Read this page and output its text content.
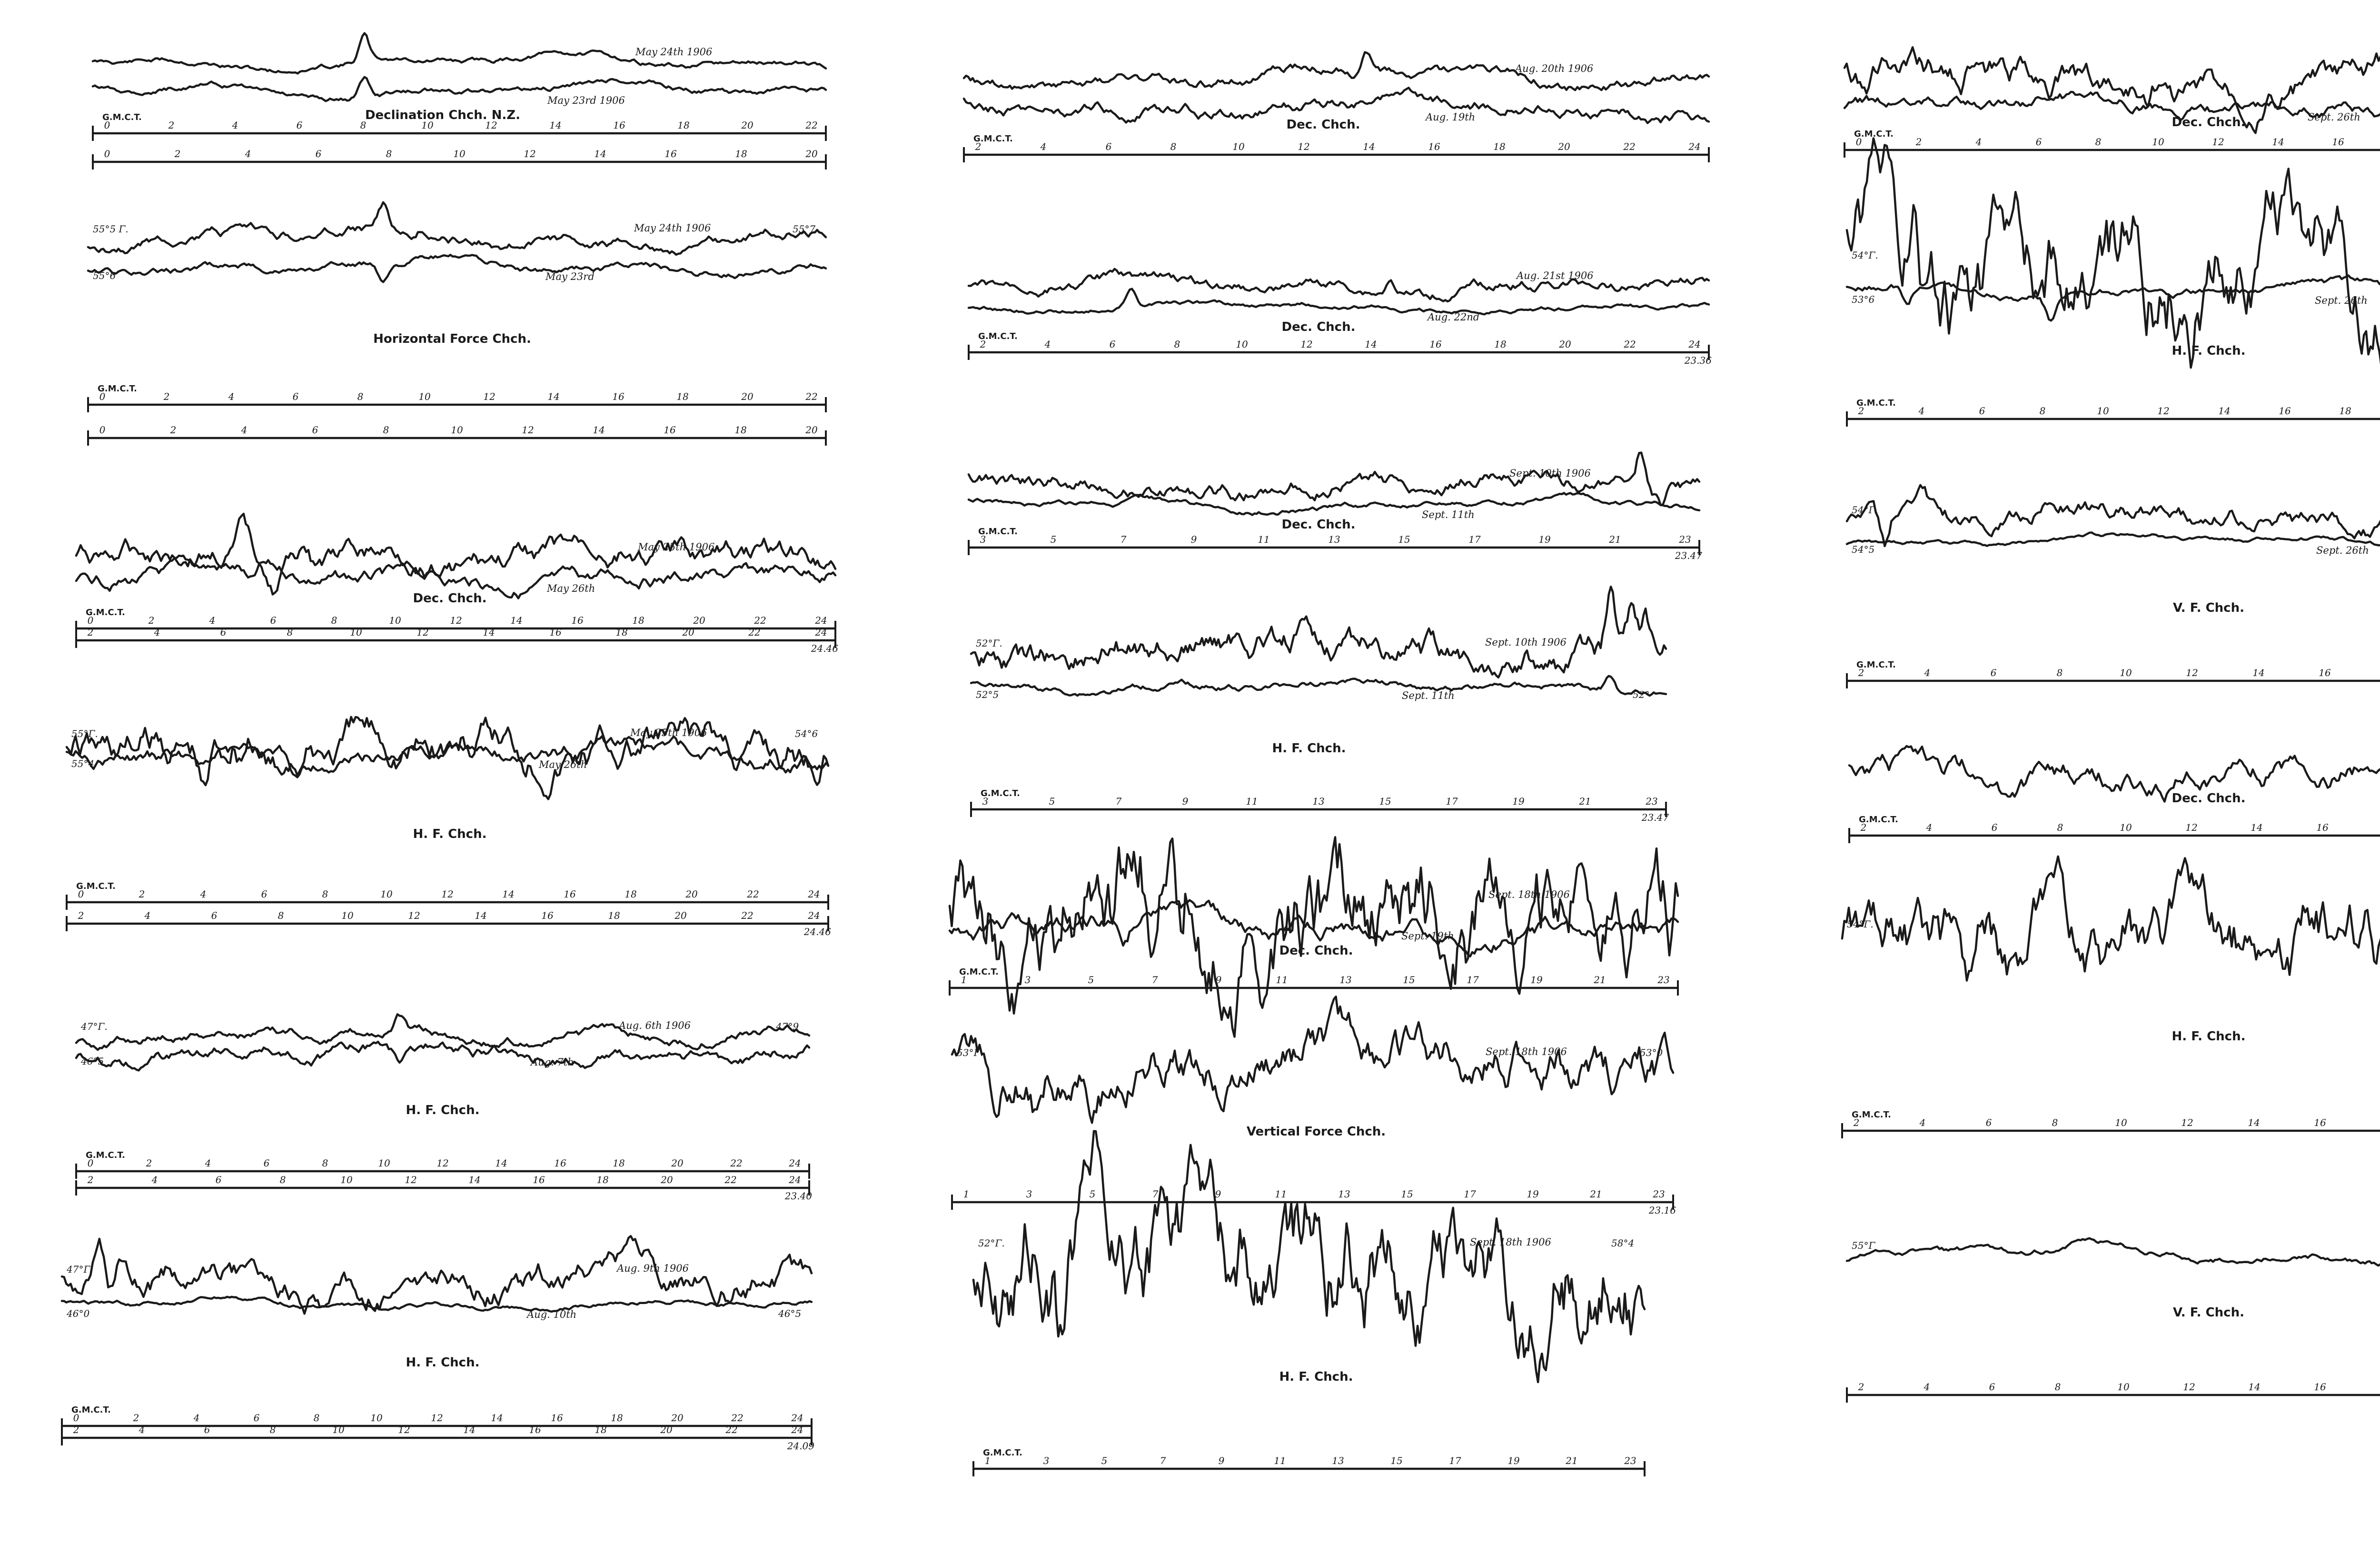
May 24th 1906
May 23rd 1906
Declination Chch. N.Z.
G.M.C.T.
0	2	4	6	8	10	12	14	16	18	20	22
0	2	4	6	8	10	12	14	16	18	20
May 24th 1906
55°5 Γ.	55°7
May 23rd
55°6
Horizontal Force Chch.
G.M.C.T.
0	2	4	6	8	10	12	14	16	18	20	22
0	2	4	6	8	10	12	14	16	18	20
May 25th 1906
May 26th
Dec. Chch.
G.M.C.T.
0	2	4	6	8	10	12	14	16	18	20	22	24
2	4	6	8	10	12	14	16	18	20	22	24
24.46
May 25th 1906
55°Γ.	54°6
May 26th
55°4
H. F. Chch.
G.M.C.T.
0	2	4	6	8	10	12	14	16	18	20	22	24
2	4	6	8	10	12	14	16	18	20	22	24
24.46
Aug. 6th 1906
47°Γ.	47°9
Aug. 7th
46°5
H. F. Chch.
G.M.C.T.
0	2	4	6	8	10	12	14	16	18	20	22	24
2	4	6	8	10	12	14	16	18	20	22	24
23.40
Aug. 9th 1906
47°Γ.
Aug. 10th
46°0	46°5
H. F. Chch.
G.M.C.T.
0	2	4	6	8	10	12	14	16	18	20	22	24
2	4	6	8	10	12	14	16	18	20	22	24
24.09
Aug. 20th 1906
Aug. 19th
Dec. Chch.
G.M.C.T.
2	4	6	8	10	12	14	16	18	20	22	24
Aug. 21st 1906
Aug. 22nd
Dec. Chch.
G.M.C.T.
2	4	6	8	10	12	14	16	18	20	22	24
23.36
Sept. 10th 1906
Sept. 11th
Dec. Chch.
G.M.C.T.
3	5	7	9	11	13	15	17	19	21	23
23.47
Sept. 10th 1906
52°Γ.
Sept. 11th
52°5	52°
H. F. Chch.
G.M.C.T.
3	5	7	9	11	13	15	17	19	21	23
23.47
Sept. 18th 1906
Sept. 19th
Dec. Chch.
G.M.C.T.
1	3	5	7	9	11	13	15	17	19	21	23
Sept. 18th 1906
53°Γ.	53°0
Vertical Force Chch.
1	3	5	7	9	11	13	15	17	19	21	23
23.16
Sept. 18th 1906
52°Γ.	58°4
H. F. Chch.
G.M.C.T.
1	3	5	7	9	11	13	15	17	19	21	23
Sept. 26th
Dec. Chch.
G.M.C.T.
0	2	4	6	8	10	12	14	16
54°Γ.
Sept. 26th
53°6
H. F. Chch.
G.M.C.T.
2	4	6	8	10	12	14	16	18
54°Γ.
Sept. 26th
54°5
V. F. Chch.
G.M.C.T.
2	4	6	8	10	12	14	16
Dec. Chch.
G.M.C.T.
2	4	6	8	10	12	14	16
54°Γ.
H. F. Chch.
G.M.C.T.
2	4	6	8	10	12	14	16
55°Γ
V. F. Chch.
2	4	6	8	10	12	14	16
